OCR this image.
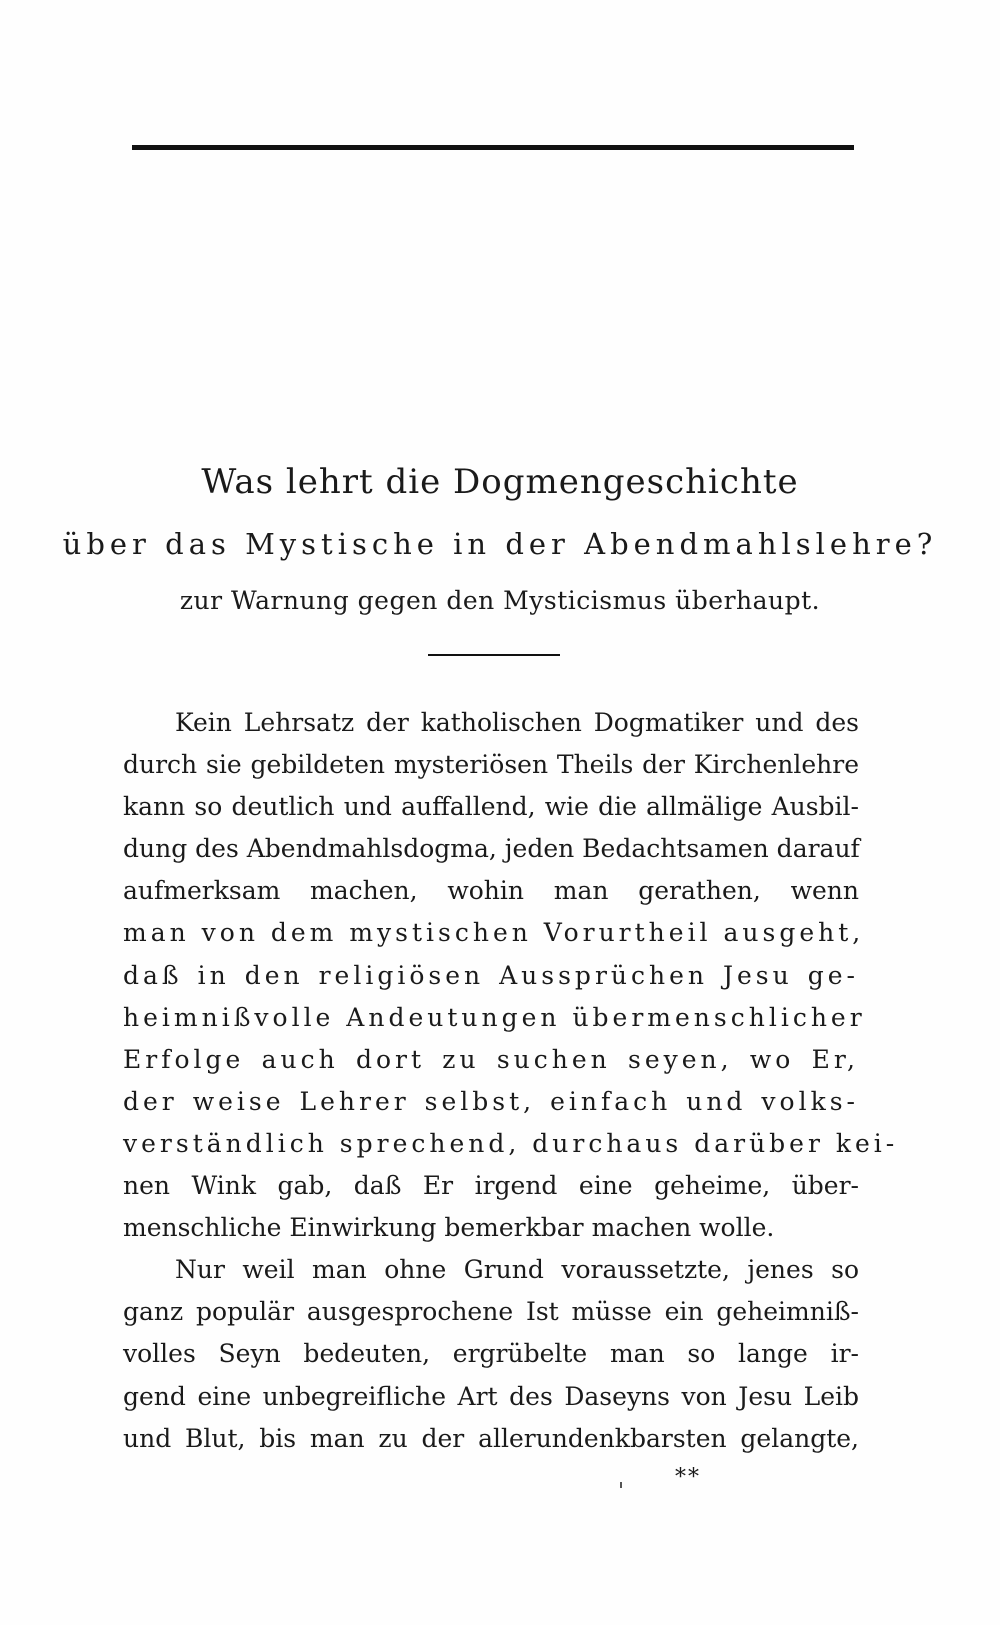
Was lehrt die Dogmengeschichte
über das Mystische in der Abendmahlslehre?
zur Warnung gegen den Mysticismus überhaupt.
Kein Lehrsatz der katholischen Dogmatiker und des
durch sie gebildeten mysteriösen Theils der Kirchenlehre
kann so deutlich und auffallend, wie die allmälige Ausbil-
dung des Abendmahlsdogma, jeden Bedachtsamen darauf
aufmerksam machen, wohin man gerathen, wenn
man von dem mystischen Vorurtheil ausgeht,
daß in den religiösen Aussprüchen Jesu ge-
heimnißvolle Andeutungen übermenschlicher
Erfolge auch dort zu suchen seyen, wo Er,
der weise Lehrer selbst, einfach und volks-
verständlich sprechend, durchaus darüber kei-
nen Wink gab, daß Er irgend eine geheime, über-
menschliche Einwirkung bemerkbar machen wolle.
Nur weil man ohne Grund voraussetzte, jenes so
ganz populär ausgesprochene Ist müsse ein geheimniß-
volles Seyn bedeuten, ergrübelte man so lange ir-
gend eine unbegreifliche Art des Daseyns von Jesu Leib
und Blut, bis man zu der allerundenkbarsten gelangte,
**
